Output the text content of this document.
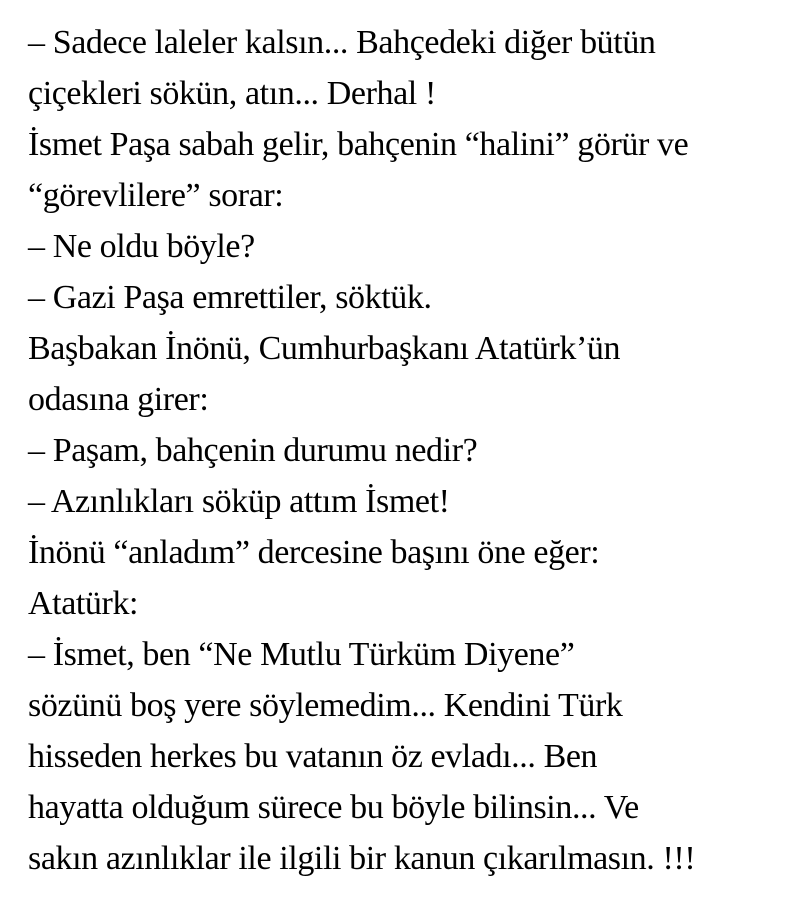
– Sadece laleler kalsın... Bahçedeki diğer bütün
çiçekleri sökün, atın... Derhal !
İsmet Paşa sabah gelir, bahçenin “halini” görür ve
“görevlilere” sorar:
– Ne oldu böyle?
– Gazi Paşa emrettiler, söktük.
Başbakan İnönü, Cumhurbaşkanı Atatürk’ün
odasına girer:
– Paşam, bahçenin durumu nedir?
– Azınlıkları söküp attım İsmet!
İnönü “anladım” dercesine başını öne eğer:
Atatürk:
– İsmet, ben “Ne Mutlu Türküm Diyene”
sözünü boş yere söylemedim... Kendini Türk
hisseden herkes bu vatanın öz evladı... Ben
hayatta olduğum sürece bu böyle bilinsin... Ve
sakın azınlıklar ile ilgili bir kanun çıkarılmasın. !!!
